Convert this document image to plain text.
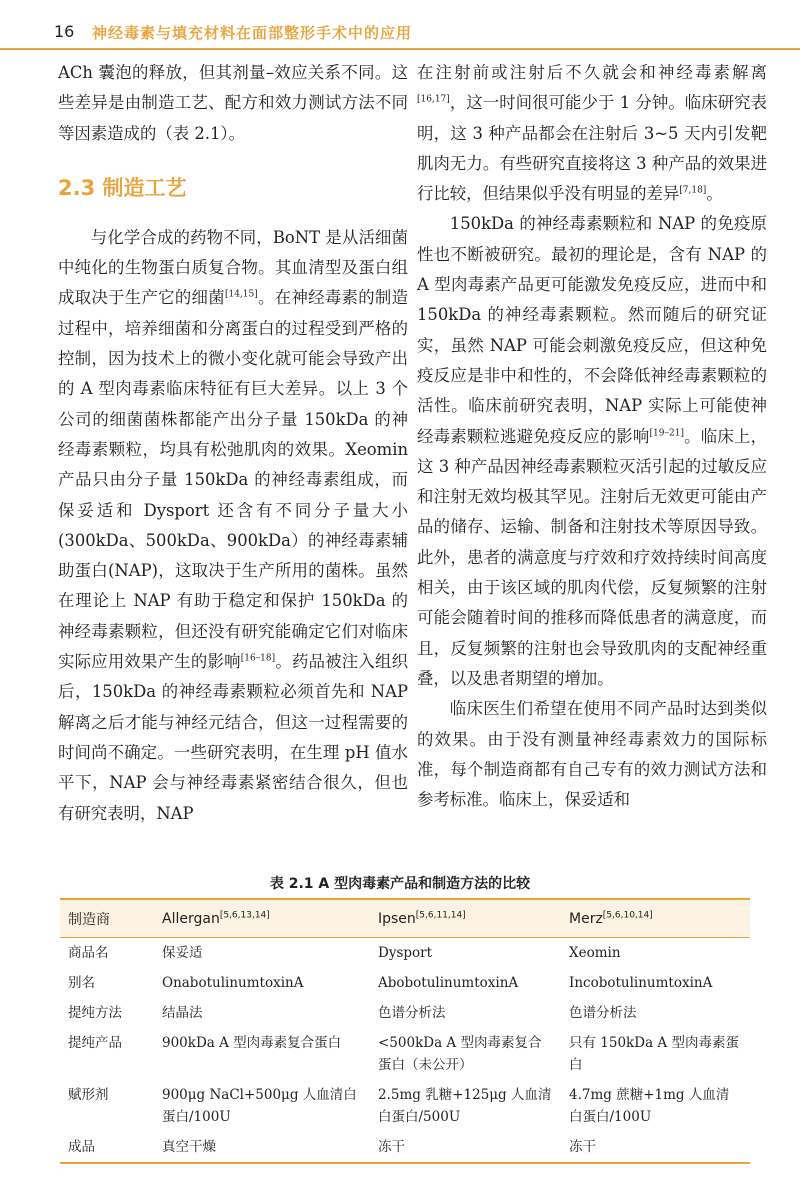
16 神经毒素与填充材料在面部整形手术中的应用

ACh 囊泡的释放，但其剂量–效应关系不同。这些差异是由制造工艺、配方和效力测试方法不同等因素造成的（表 2.1）。

2.3 制造工艺

与化学合成的药物不同，BoNT 是从活细菌中纯化的生物蛋白质复合物。其血清型及蛋白组成取决于生产它的细菌[14,15]。在神经毒素的制造过程中，培养细菌和分离蛋白的过程受到严格的控制，因为技术上的微小变化就可能会导致产出的 A 型肉毒素临床特征有巨大差异。以上 3 个公司的细菌菌株都能产出分子量 150kDa 的神经毒素颗粒，均具有松弛肌肉的效果。Xeomin 产品只由分子量 150kDa 的神经毒素组成，而保妥适和 Dysport 还含有不同分子量大小(300kDa、500kDa、900kDa）的神经毒素辅助蛋白(NAP)，这取决于生产所用的菌株。虽然在理论上 NAP 有助于稳定和保护 150kDa 的神经毒素颗粒，但还没有研究能确定它们对临床实际应用效果产生的影响[16–18]。药品被注入组织后，150kDa 的神经毒素颗粒必须首先和 NAP 解离之后才能与神经元结合，但这一过程需要的时间尚不确定。一些研究表明，在生理 pH 值水平下，NAP 会与神经毒素紧密结合很久，但也有研究表明，NAP

在注射前或注射后不久就会和神经毒素解离[16,17]，这一时间很可能少于 1 分钟。临床研究表明，这 3 种产品都会在注射后 3~5 天内引发靶肌肉无力。有些研究直接将这 3 种产品的效果进行比较，但结果似乎没有明显的差异[7,18]。

150kDa 的神经毒素颗粒和 NAP 的免疫原性也不断被研究。最初的理论是，含有 NAP 的 A 型肉毒素产品更可能激发免疫反应，进而中和 150kDa 的神经毒素颗粒。然而随后的研究证实，虽然 NAP 可能会刺激免疫反应，但这种免疫反应是非中和性的，不会降低神经毒素颗粒的活性。临床前研究表明，NAP 实际上可能使神经毒素颗粒逃避免疫反应的影响[19–21]。临床上，这 3 种产品因神经毒素颗粒灭活引起的过敏反应和注射无效均极其罕见。注射后无效更可能由产品的储存、运输、制备和注射技术等原因导致。此外，患者的满意度与疗效和疗效持续时间高度相关，由于该区域的肌肉代偿，反复频繁的注射可能会随着时间的推移而降低患者的满意度，而且，反复频繁的注射也会导致肌肉的支配神经重叠，以及患者期望的增加。

临床医生们希望在使用不同产品时达到类似的效果。由于没有测量神经毒素效力的国际标准，每个制造商都有自己专有的效力测试方法和参考标准。临床上，保妥适和

表 2.1 A 型肉毒素产品和制造方法的比较
制造商	Allergan[5,6,13,14]	Ipsen[5,6,11,14]	Merz[5,6,10,14]
商品名	保妥适	Dysport	Xeomin
别名	OnabotulinumtoxinA	AbobotulinumtoxinA	IncobotulinumtoxinA
提纯方法	结晶法	色谱分析法	色谱分析法
提纯产品	900kDa A 型肉毒素复合蛋白	<500kDa A 型肉毒素复合蛋白（未公开）	只有 150kDa A 型肉毒素蛋白
赋形剂	900μg NaCl+500μg 人血清白蛋白/100U	2.5mg 乳糖+125μg 人血清白蛋白/500U	4.7mg 蔗糖+1mg 人血清白蛋白/100U
成品	真空干燥	冻干	冻干
